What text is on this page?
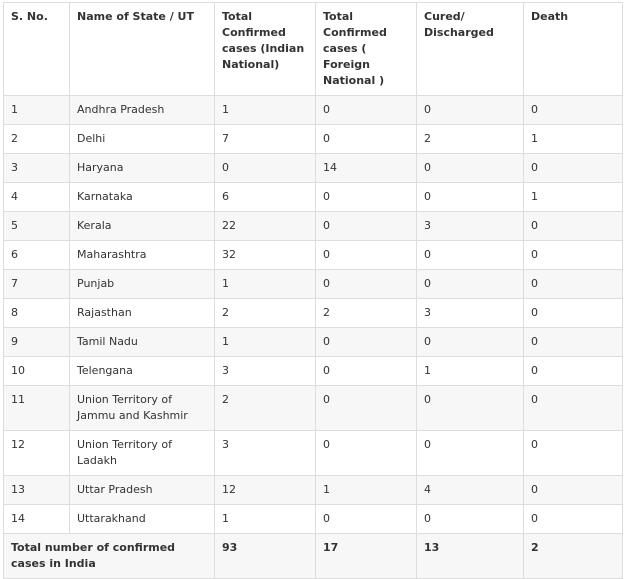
S. No.	Name of State / UT	Total Confirmed cases (Indian National)	Total Confirmed cases ( Foreign National )	Cured/ Discharged	Death
1	Andhra Pradesh	1	0	0	0
2	Delhi	7	0	2	1
3	Haryana	0	14	0	0
4	Karnataka	6	0	0	1
5	Kerala	22	0	3	0
6	Maharashtra	32	0	0	0
7	Punjab	1	0	0	0
8	Rajasthan	2	2	3	0
9	Tamil Nadu	1	0	0	0
10	Telengana	3	0	1	0
11	Union Territory of Jammu and Kashmir	2	0	0	0
12	Union Territory of Ladakh	3	0	0	0
13	Uttar Pradesh	12	1	4	0
14	Uttarakhand	1	0	0	0
Total number of confirmed cases in India		93	17	13	2
